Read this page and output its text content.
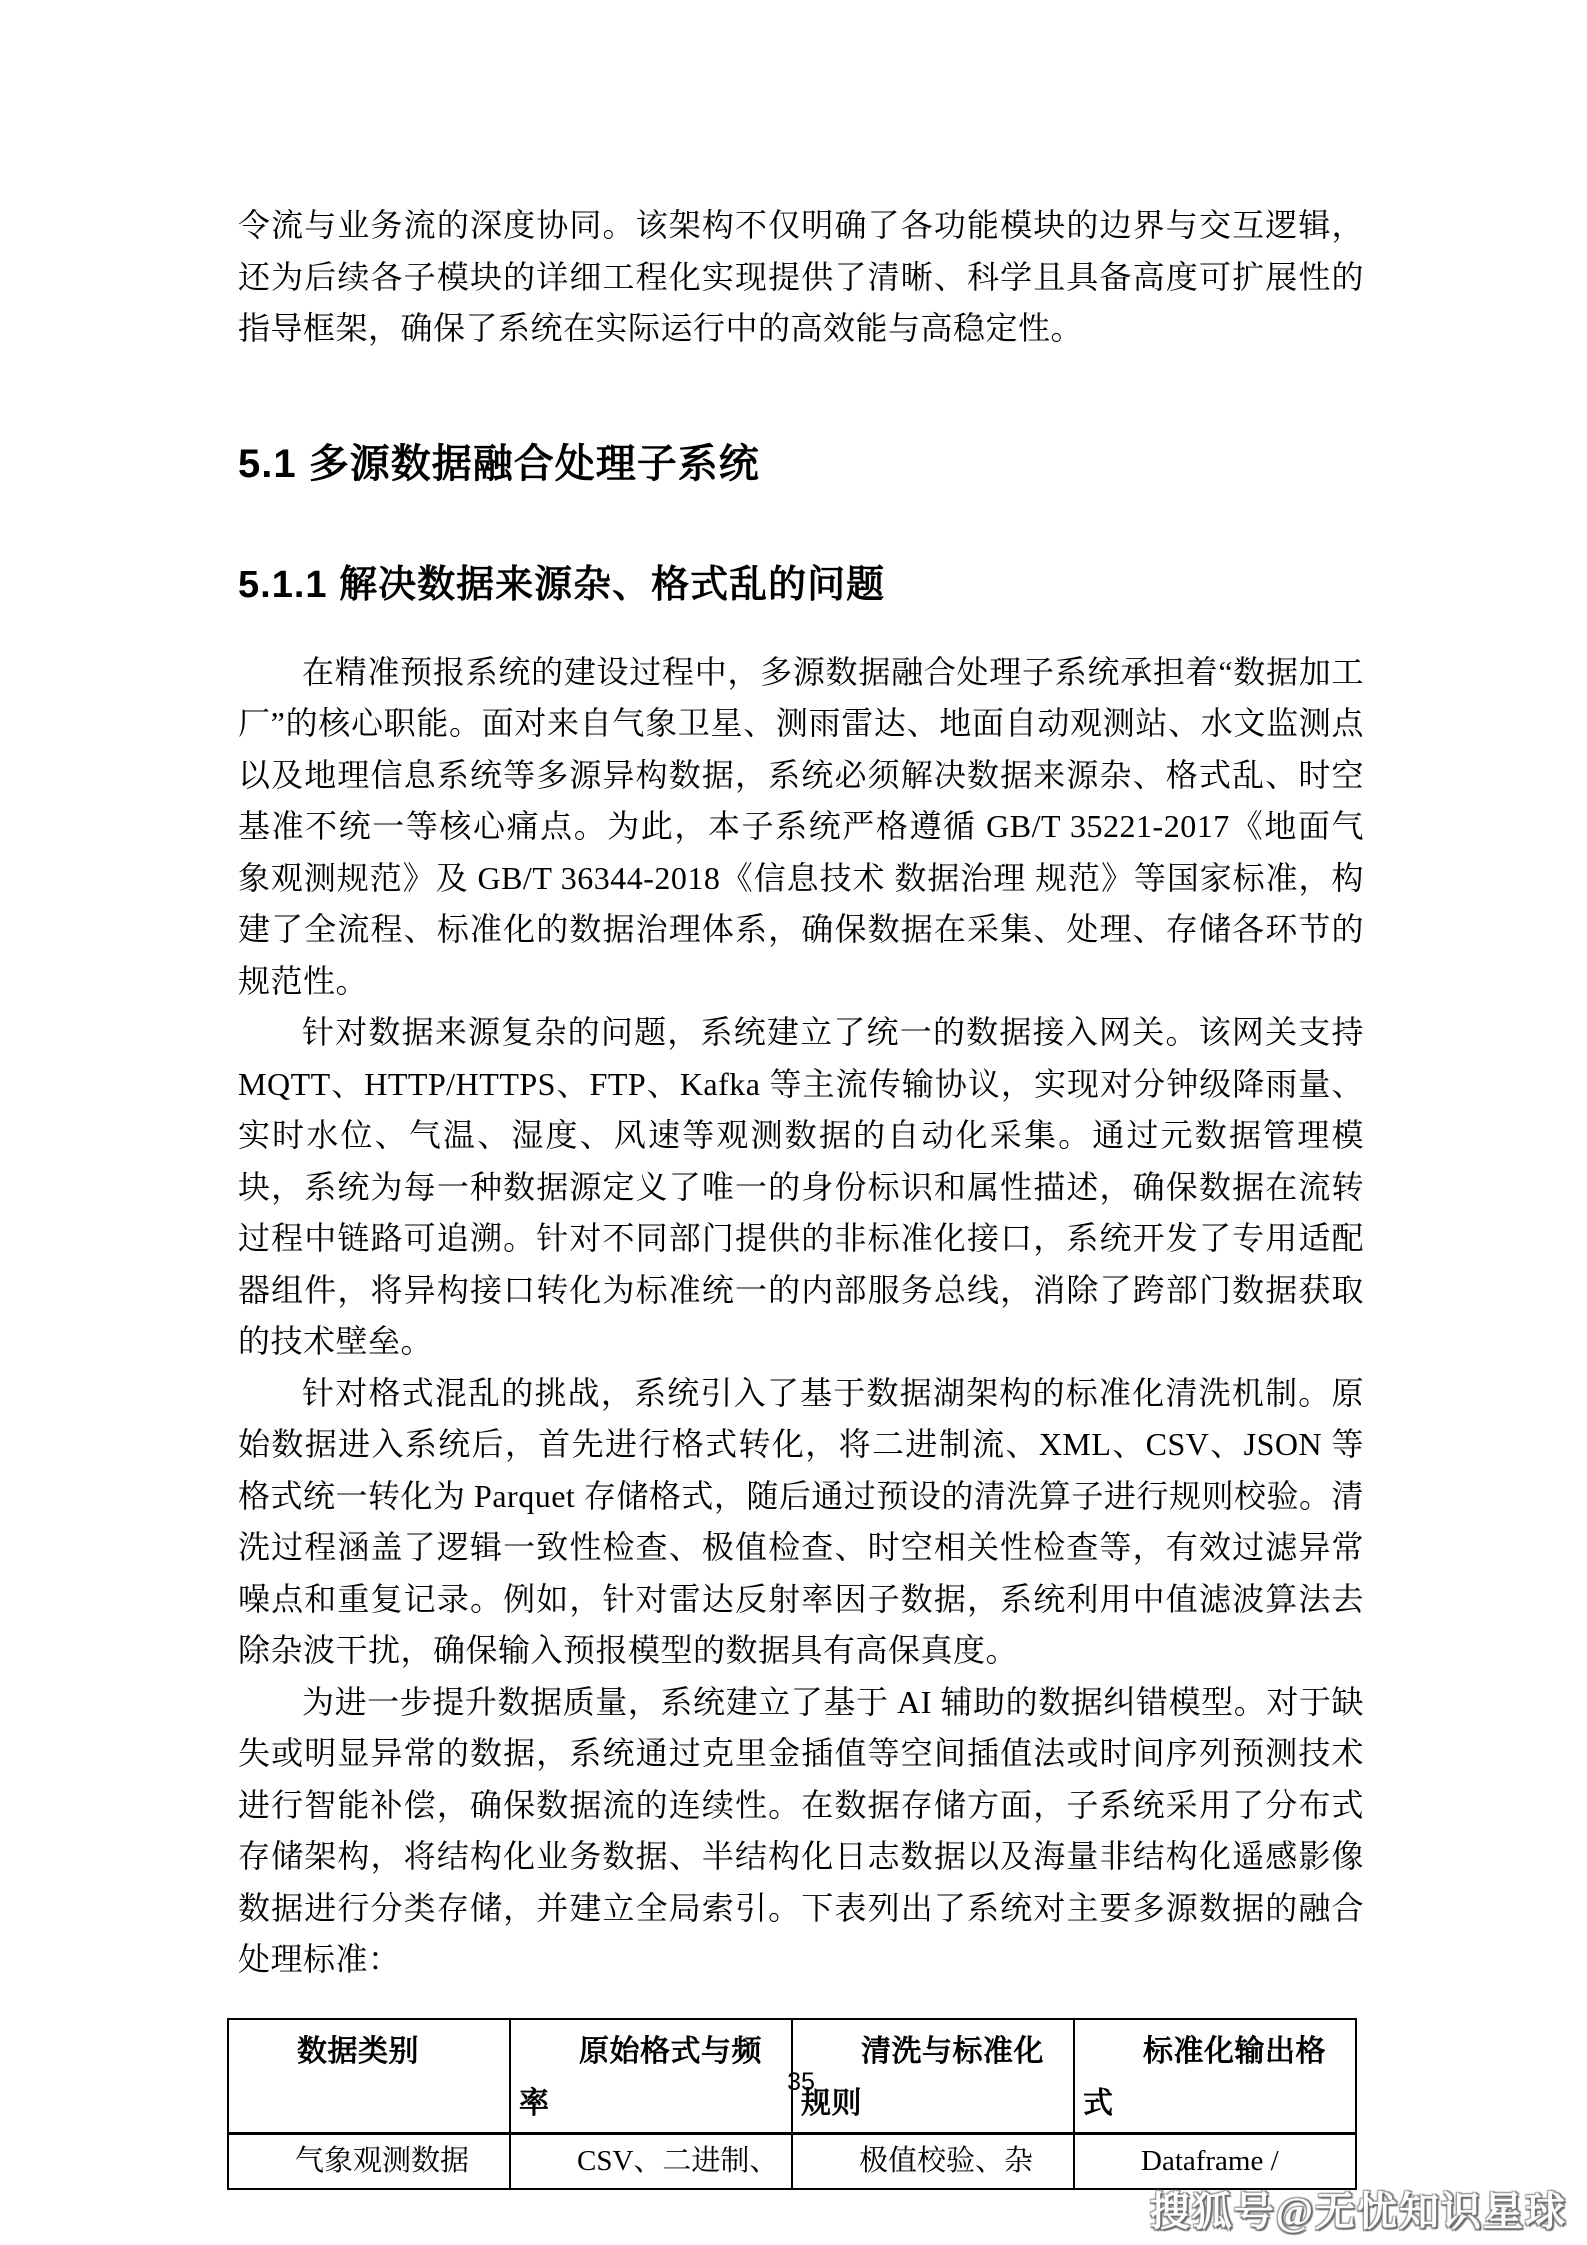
令流与业务流的深度协同。该架构不仅明确了各功能模块的边界与交互逻辑，还为后续各子模块的详细工程化实现提供了清晰、科学且具备高度可扩展性的指导框架，确保了系统在实际运行中的高效能与高稳定性。

5.1 多源数据融合处理子系统
5.1.1 解决数据来源杂、格式乱的问题

在精准预报系统的建设过程中，多源数据融合处理子系统承担着“数据加工厂”的核心职能。面对来自气象卫星、测雨雷达、地面自动观测站、水文监测点以及地理信息系统等多源异构数据，系统必须解决数据来源杂、格式乱、时空基准不统一等核心痛点。为此，本子系统严格遵循 GB/T 35221-2017《地面气象观测规范》及 GB/T 36344-2018《信息技术 数据治理 规范》等国家标准，构建了全流程、标准化的数据治理体系，确保数据在采集、处理、存储各环节的规范性。

针对数据来源复杂的问题，系统建立了统一的数据接入网关。该网关支持 MQTT、HTTP/HTTPS、FTP、Kafka 等主流传输协议，实现对分钟级降雨量、实时水位、气温、湿度、风速等观测数据的自动化采集。通过元数据管理模块，系统为每一种数据源定义了唯一的身份标识和属性描述，确保数据在流转过程中链路可追溯。针对不同部门提供的非标准化接口，系统开发了专用适配器组件，将异构接口转化为标准统一的内部服务总线，消除了跨部门数据获取的技术壁垒。

针对格式混乱的挑战，系统引入了基于数据湖架构的标准化清洗机制。原始数据进入系统后，首先进行格式转化，将二进制流、XML、CSV、JSON 等格式统一转化为 Parquet 存储格式，随后通过预设的清洗算子进行规则校验。清洗过程涵盖了逻辑一致性检查、极值检查、时空相关性检查等，有效过滤异常噪点和重复记录。例如，针对雷达反射率因子数据，系统利用中值滤波算法去除杂波干扰，确保输入预报模型的数据具有高保真度。

为进一步提升数据质量，系统建立了基于 AI 辅助的数据纠错模型。对于缺失或明显异常的数据，系统通过克里金插值等空间插值法或时间序列预测技术进行智能补偿，确保数据流的连续性。在数据存储方面，子系统采用了分布式存储架构，将结构化业务数据、半结构化日志数据以及海量非结构化遥感影像数据进行分类存储，并建立全局索引。下表列出了系统对主要多源数据的融合处理标准：

数据类别	原始格式与频率	清洗与标准化规则	标准化输出格式
气象观测数据	CSV、二进制、	极值校验、杂	Dataframe /
35
搜狐号@无忧知识星球
